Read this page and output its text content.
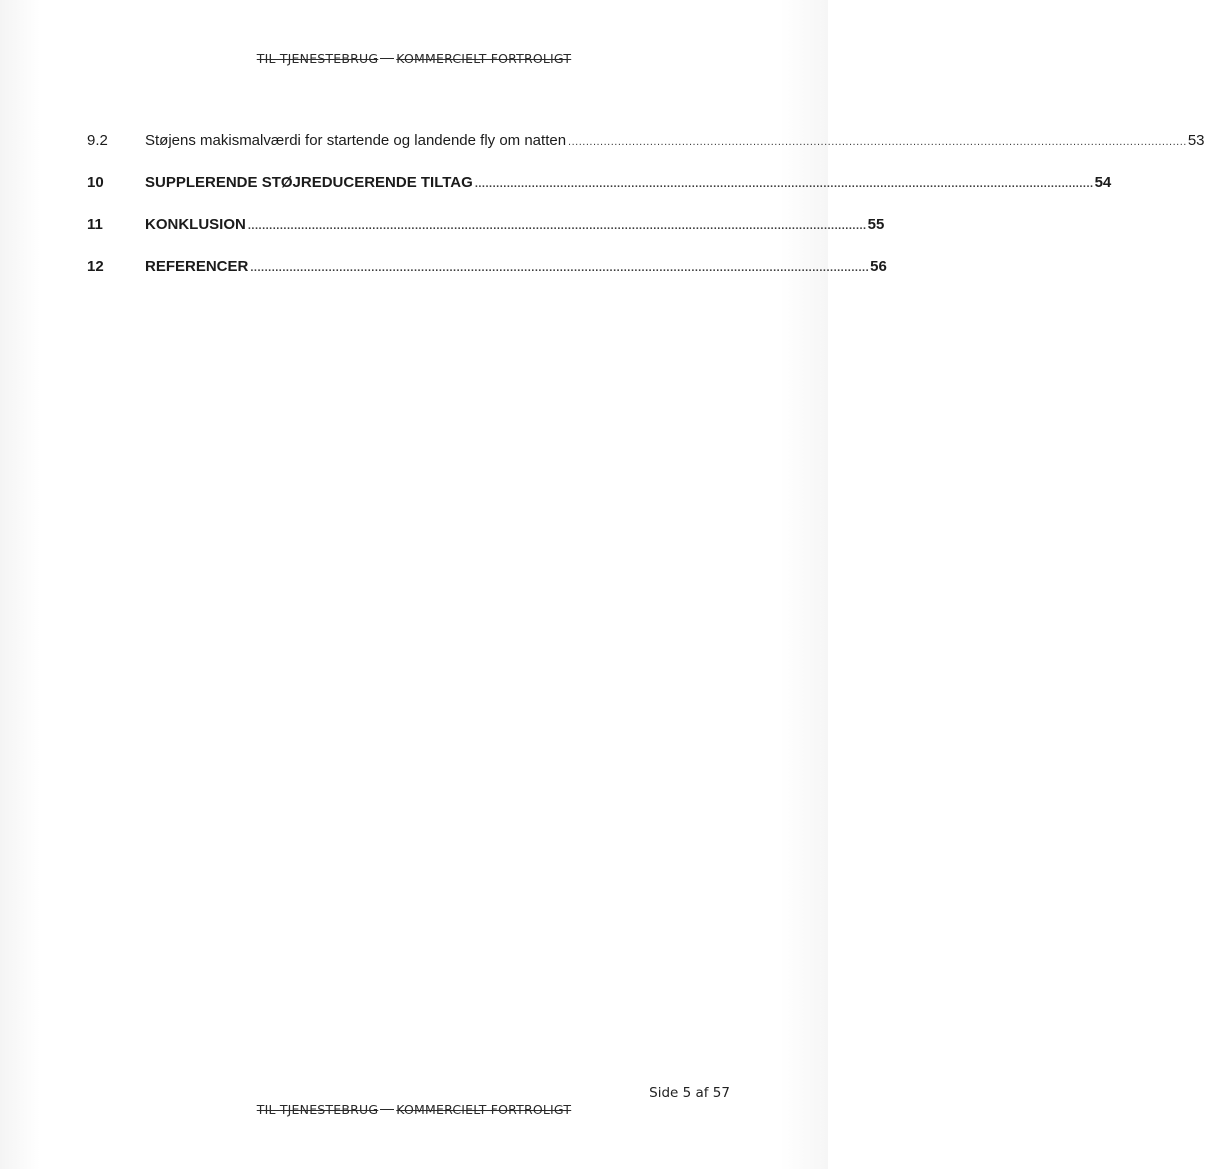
TIL TJENESTEBRUG KOMMERCIELT FORTROLIGT
9.2	Støjens makismalværdi for startende og landende fly om natten .............................................................................................................................................................................. 53
10	SUPPLERENDE STØJREDUCERENDE TILTAG .............................................................................................................................................................................. 54
11	KONKLUSION .............................................................................................................................................................................. 55
12	REFERENCER .............................................................................................................................................................................. 56
Side 5 af 57
TIL TJENESTEBRUG KOMMERCIELT FORTROLIGT
